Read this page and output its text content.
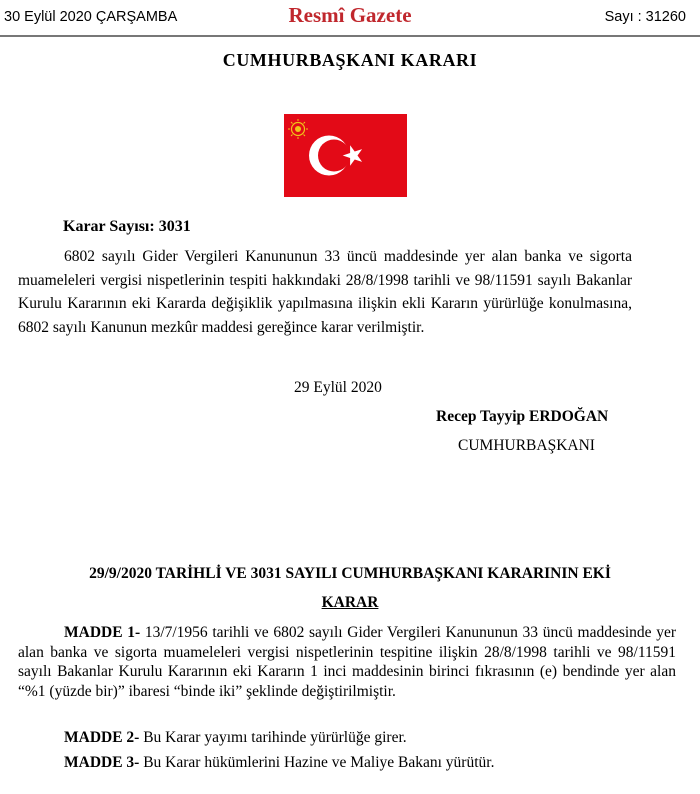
30 Eylül 2020 ÇARŞAMBA	Resmî Gazete	Sayı : 31260
CUMHURBAŞKANI KARARI
Karar Sayısı: 3031

6802 sayılı Gider Vergileri Kanununun 33 üncü maddesinde yer alan banka ve sigorta muameleleri vergisi nispetlerinin tespiti hakkındaki 28/8/1998 tarihli ve 98/11591 sayılı Bakanlar Kurulu Kararının eki Kararda değişiklik yapılmasına ilişkin ekli Kararın yürürlüğe konulmasına, 6802 sayılı Kanunun mezkûr maddesi gereğince karar verilmiştir.

29 Eylül 2020
Recep Tayyip ERDOĞAN
CUMHURBAŞKANI
29/9/2020 TARİHLİ VE 3031 SAYILI CUMHURBAŞKANI KARARININ EKİ
KARAR

MADDE 1- 13/7/1956 tarihli ve 6802 sayılı Gider Vergileri Kanununun 33 üncü maddesinde yer alan banka ve sigorta muameleleri vergisi nispetlerinin tespitine ilişkin 28/8/1998 tarihli ve 98/11591 sayılı Bakanlar Kurulu Kararının eki Kararın 1 inci maddesinin birinci fıkrasının (e) bendinde yer alan “%1 (yüzde bir)” ibaresi “binde iki” şeklinde değiştirilmiştir.

MADDE 2- Bu Karar yayımı tarihinde yürürlüğe girer.

MADDE 3- Bu Karar hükümlerini Hazine ve Maliye Bakanı yürütür.
